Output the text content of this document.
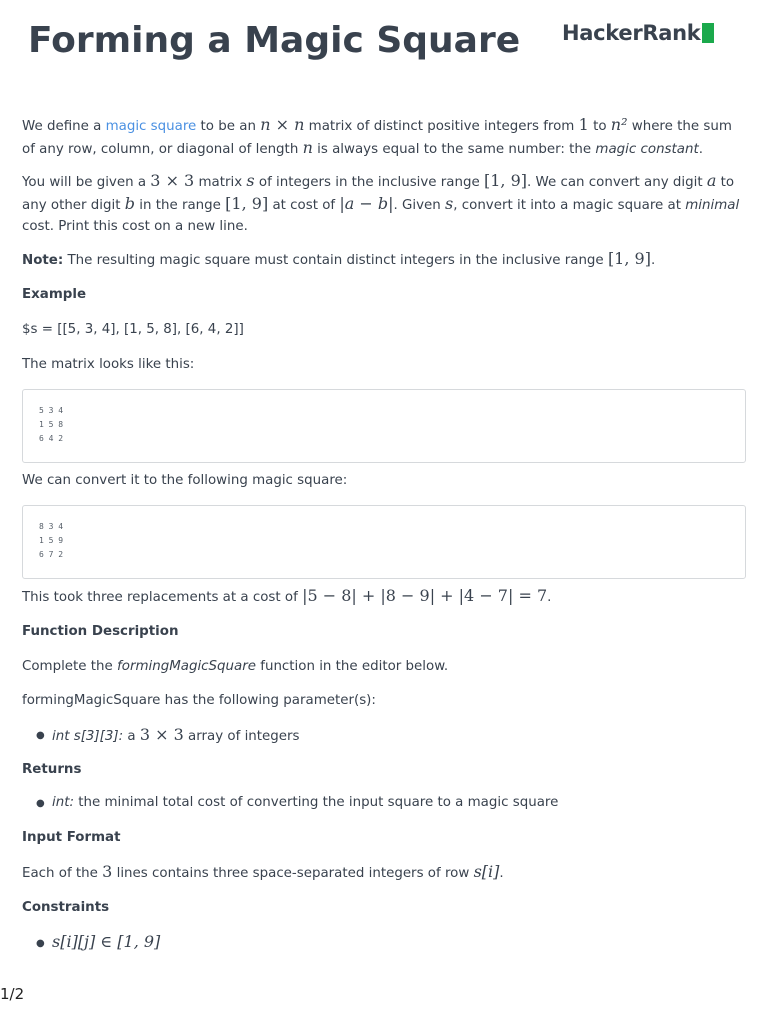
Forming a Magic Square	HackerRank
We define a magic square to be an n × n matrix of distinct positive integers from 1 to n² where the sum of any row, column, or diagonal of length n is always equal to the same number: the magic constant.
You will be given a 3 × 3 matrix s of integers in the inclusive range [1, 9]. We can convert any digit a to any other digit b in the range [1, 9] at cost of |a − b|. Given s, convert it into a magic square at minimal cost. Print this cost on a new line.
Note: The resulting magic square must contain distinct integers in the inclusive range [1, 9].
Example
$s = [[5, 3, 4], [1, 5, 8], [6, 4, 2]]
The matrix looks like this:
5 3 4
1 5 8
6 4 2
We can convert it to the following magic square:
8 3 4
1 5 9
6 7 2
This took three replacements at a cost of |5 − 8| + |8 − 9| + |4 − 7| = 7.
Function Description
Complete the formingMagicSquare function in the editor below.
formingMagicSquare has the following parameter(s):
● int s[3][3]: a 3 × 3 array of integers
Returns
● int: the minimal total cost of converting the input square to a magic square
Input Format
Each of the 3 lines contains three space-separated integers of row s[i].
Constraints
● s[i][j] ∈ [1, 9]
1/2
